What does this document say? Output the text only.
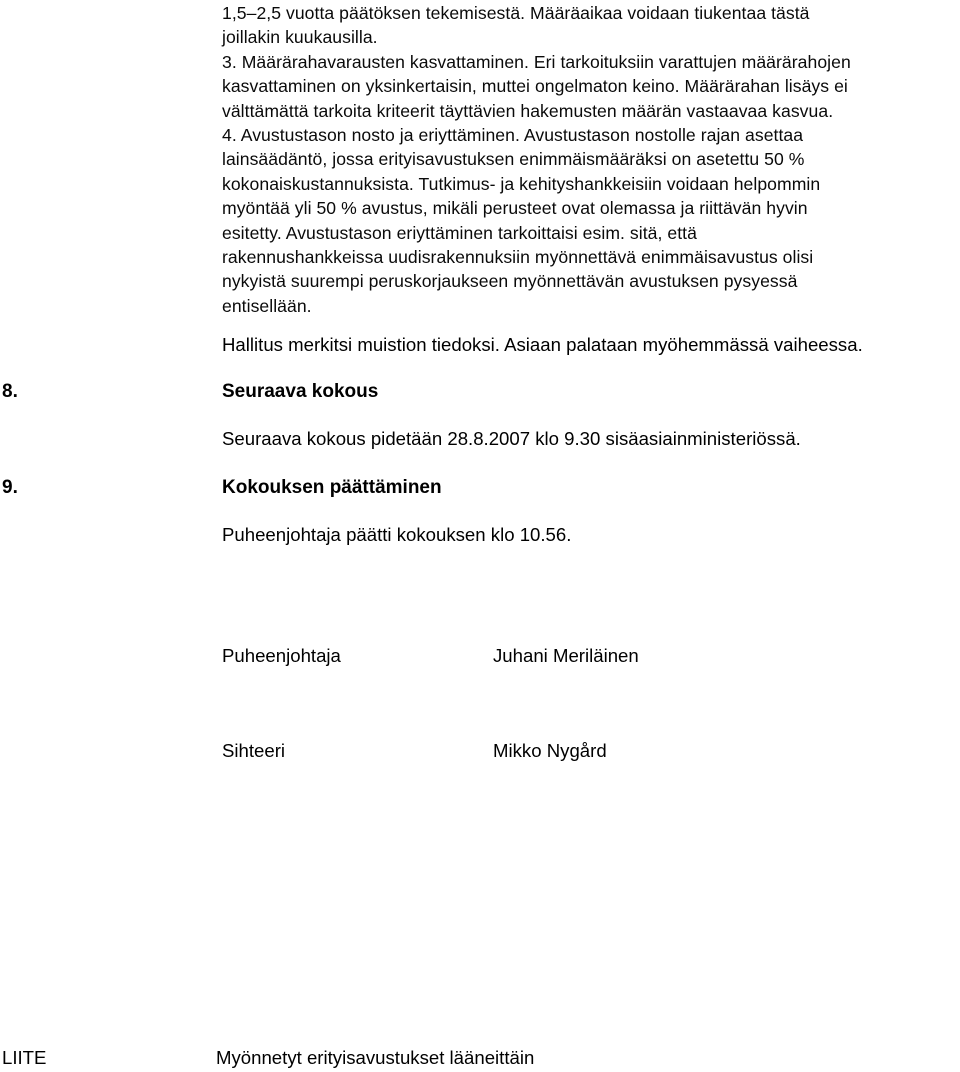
1,5–2,5 vuotta päätöksen tekemisestä. Määräaikaa voidaan tiukentaa tästä
joillakin kuukausilla.
3. Määrärahavarausten kasvattaminen. Eri tarkoituksiin varattujen määrärahojen
kasvattaminen on yksinkertaisin, muttei ongelmaton keino. Määrärahan lisäys ei
välttämättä tarkoita kriteerit täyttävien hakemusten määrän vastaavaa kasvua.
4. Avustustason nosto ja eriyttäminen. Avustustason nostolle rajan asettaa
lainsäädäntö, jossa erityisavustuksen enimmäismääräksi on asetettu 50 %
kokonaiskustannuksista. Tutkimus- ja kehityshankkeisiin voidaan helpommin
myöntää yli 50 % avustus, mikäli perusteet ovat olemassa ja riittävän hyvin
esitetty. Avustustason eriyttäminen tarkoittaisi esim. sitä, että
rakennushankkeissa uudisrakennuksiin myönnettävä enimmäisavustus olisi
nykyistä suurempi peruskorjaukseen myönnettävän avustuksen pysyessä
entisellään.
Hallitus merkitsi muistion tiedoksi. Asiaan palataan myöhemmässä vaiheessa.
8.	Seuraava kokous
Seuraava kokous pidetään 28.8.2007 klo 9.30 sisäasiainministeriössä.
9.	Kokouksen päättäminen
Puheenjohtaja päätti kokouksen klo 10.56.
Puheenjohtaja	Juhani Meriläinen
Sihteeri	Mikko Nygård
LIITE	Myönnetyt erityisavustukset lääneittäin
